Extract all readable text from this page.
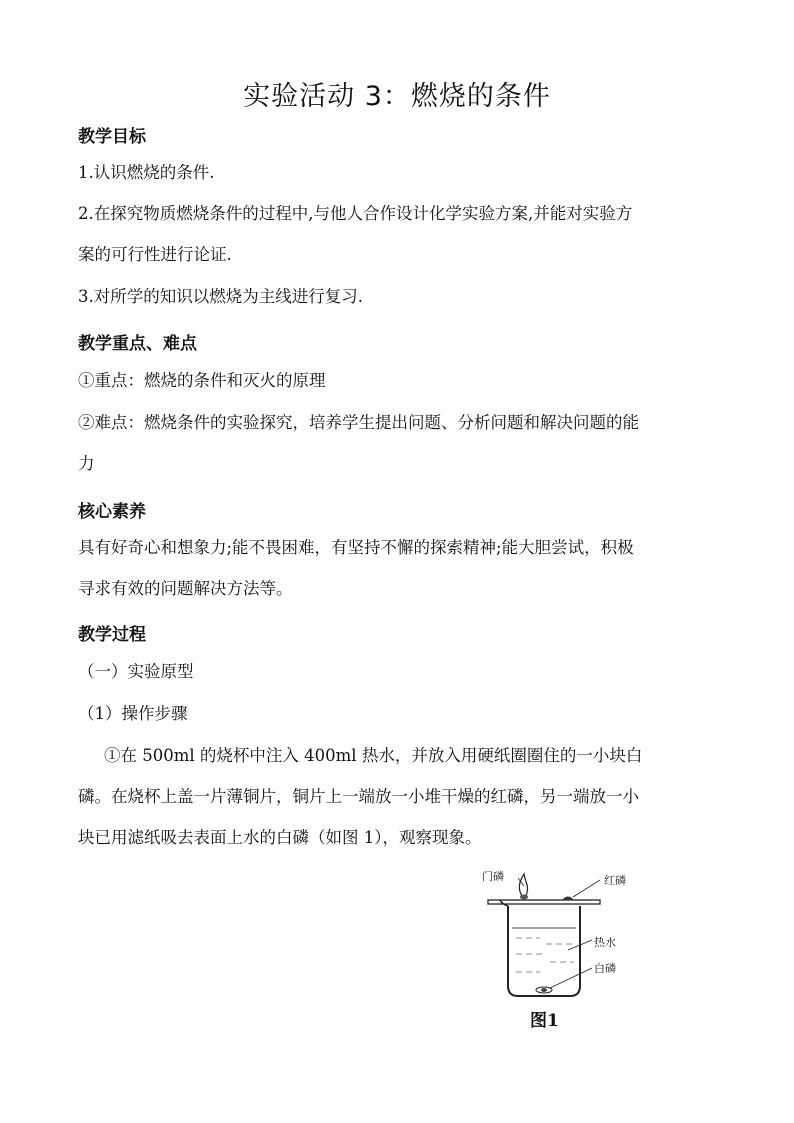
实验活动 3：燃烧的条件
教学目标
1.认识燃烧的条件.
2.在探究物质燃烧条件的过程中,与他人合作设计化学实验方案,并能对实验方
案的可行性进行论证.
3.对所学的知识以燃烧为主线进行复习.
教学重点、难点
①重点：燃烧的条件和灭火的原理
②难点：燃烧条件的实验探究，培养学生提出问题、分析问题和解决问题的能
力
核心素养
具有好奇心和想象力;能不畏困难，有坚持不懈的探索精神;能大胆尝试，积极
寻求有效的问题解决方法等。
教学过程
（一）实验原型
（1）操作步骤
①在 500ml 的烧杯中注入 400ml 热水，并放入用硬纸圈圈住的一小块白
磷。在烧杯上盖一片薄铜片，铜片上一端放一小堆干燥的红磷，另一端放一小
块已用滤纸吸去表面上水的白磷（如图 1），观察现象。
门磷	红磷
热水
白磷
图1
